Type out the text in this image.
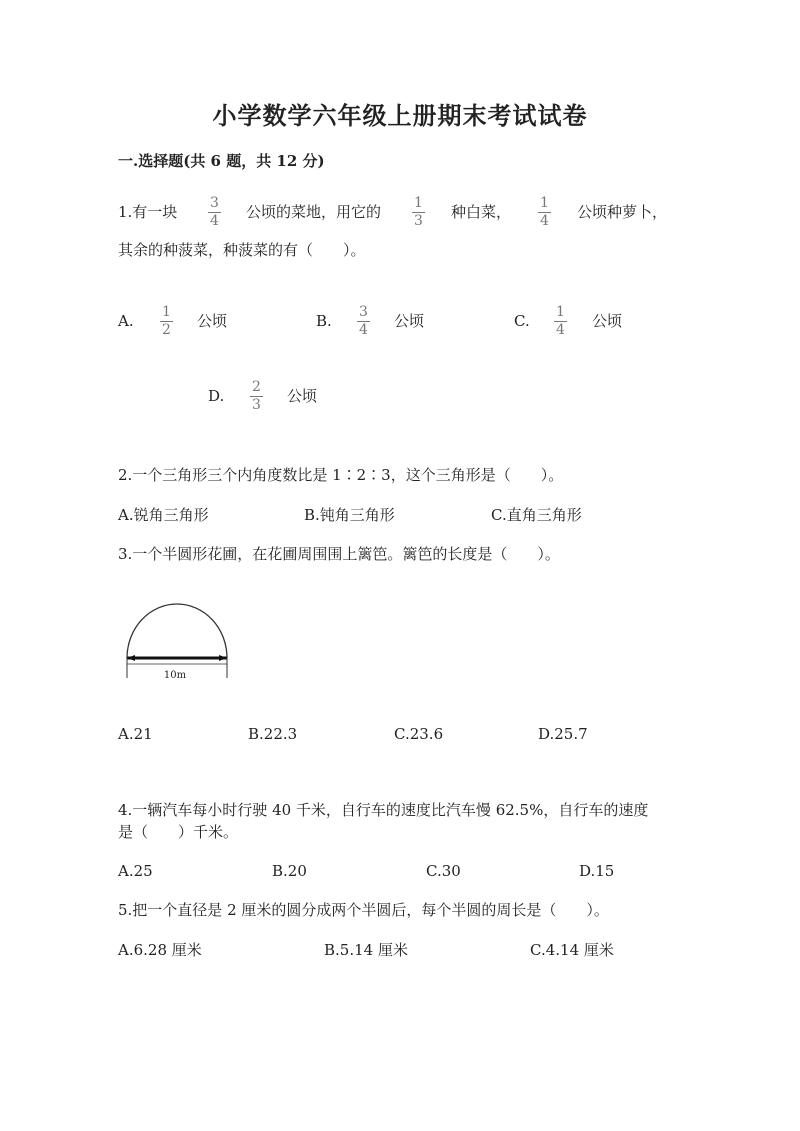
小学数学六年级上册期末考试试卷
一.选择题(共 6 题，共 12 分)
1.有一块 3
4 公顷的菜地，用它的 1
3 种白菜， 1
4 公顷种萝卜，
其余的种菠菜，种菠菜的有（　　）。
A. 1
2 公顷	B. 3
4 公顷	C. 1
4 公顷
D. 2
3 公顷
2.一个三角形三个内角度数比是 1∶2∶3，这个三角形是（　　）。
A.锐角三角形	B.钝角三角形	C.直角三角形
3.一个半圆形花圃，在花圃周围围上篱笆。篱笆的长度是（　　）。
10m
A.21	B.22.3	C.23.6	D.25.7
4.一辆汽车每小时行驶 40 千米，自行车的速度比汽车慢 62.5%，自行车的速度
是（　　）千米。
A.25	B.20	C.30	D.15
5.把一个直径是 2 厘米的圆分成两个半圆后，每个半圆的周长是（　　）。
A.6.28 厘米	B.5.14 厘米	C.4.14 厘米
